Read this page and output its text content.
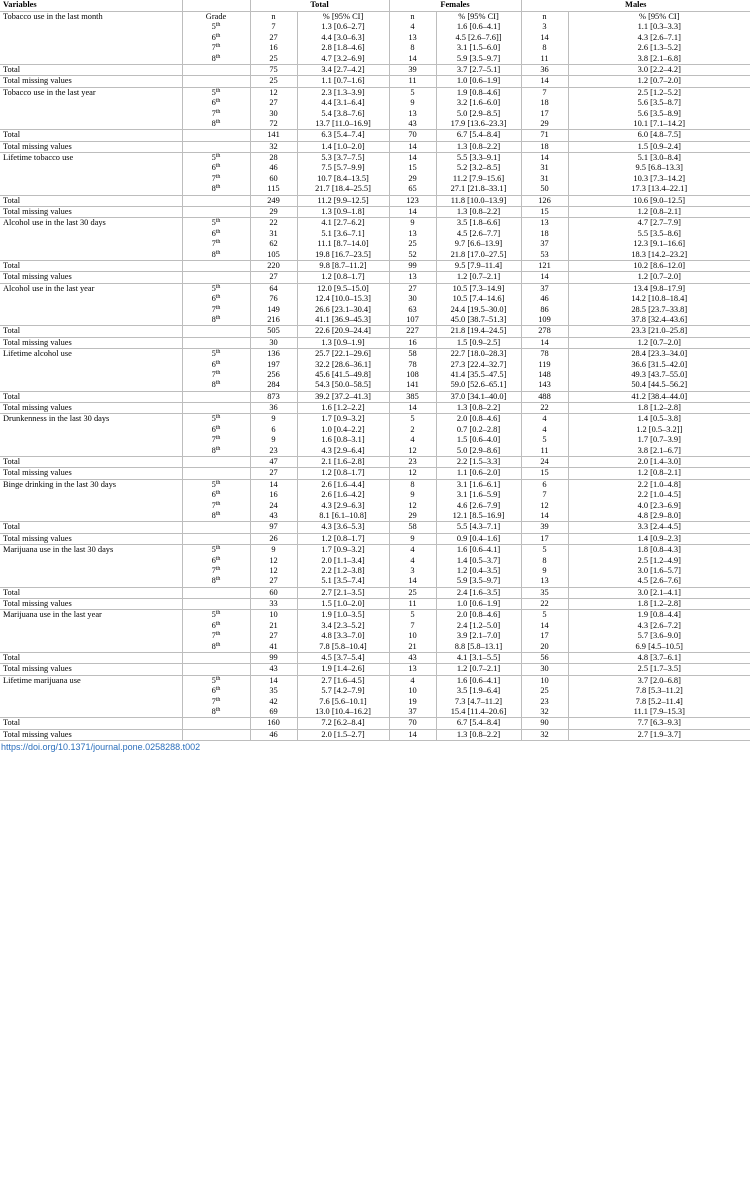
Variables		Total		Females		Males	
Tobacco use in the last month	Grade	n	% [95% CI]	n	% [95% CI]	n	% [95% CI]
	5th	7	1.3 [0.6–2.7]	4	1.6 [0.6–4.1]	3	1.1 [0.3–3.3]
	6th	27	4.4 [3.0–6.3]	13	4.5 [2.6–7.6]]	14	4.3 [2.6–7.1]
	7th	16	2.8 [1.8–4.6]	8	3.1 [1.5–6.0]	8	2.6 [1.3–5.2]
	8th	25	4.7 [3.2–6.9]	14	5.9 [3.5–9.7]	11	3.8 [2.1–6.8]
Total		75	3.4 [2.7–4.2]	39	3.7 [2.7–5.1]	36	3.0 [2.2–4.2]
Total missing values		25	1.1 [0.7–1.6]	11	1.0 [0.6–1.9]	14	1.2 [0.7–2.0]
Tobacco use in the last year	5th	12	2.3 [1.3–3.9]	5	1.9 [0.8–4.6]	7	2.5 [1.2–5.2]
	6th	27	4.4 [3.1–6.4]	9	3.2 [1.6–6.0]	18	5.6 [3.5–8.7]
	7th	30	5.4 [3.8–7.6]	13	5.0 [2.9–8.5]	17	5.6 [3.5–8.9]
	8th	72	13.7 [11.0–16.9]	43	17.9 [13.6–23.3]	29	10.1 [7.1–14.2]
Total		141	6.3 [5.4–7.4]	70	6.7 [5.4–8.4]	71	6.0 [4.8–7.5]
Total missing values		32	1.4 [1.0–2.0]	14	1.3 [0.8–2.2]	18	1.5 [0.9–2.4]
Lifetime tobacco use	5th	28	5.3 [3.7–7.5]	14	5.5 [3.3–9.1]	14	5.1 [3.0–8.4]
	6th	46	7.5 [5.7–9.9]	15	5.2 [3.2–8.5]	31	9.5 [6.8–13.3]
	7th	60	10.7 [8.4–13.5]	29	11.2 [7.9–15.6]	31	10.3 [7.3–14.2]
	8th	115	21.7 [18.4–25.5]	65	27.1 [21.8–33.1]	50	17.3 [13.4–22.1]
Total		249	11.2 [9.9–12.5]	123	11.8 [10.0–13.9]	126	10.6 [9.0–12.5]
Total missing values		29	1.3 [0.9–1.8]	14	1.3 [0.8–2.2]	15	1.2 [0.8–2.1]
Alcohol use in the last 30 days	5th	22	4.1 [2.7–6.2]	9	3.5 [1.8–6.6]	13	4.7 [2.7–7.9]
	6th	31	5.1 [3.6–7.1]	13	4.5 [2.6–7.7]	18	5.5 [3.5–8.6]
	7th	62	11.1 [8.7–14.0]	25	9.7 [6.6–13.9]	37	12.3 [9.1–16.6]
	8th	105	19.8 [16.7–23.5]	52	21.8 [17.0–27.5]	53	18.3 [14.2–23.2]
Total		220	9.8 [8.7–11.2]	99	9.5 [7.9–11.4]	121	10.2 [8.6–12.0]
Total missing values		27	1.2 [0.8–1.7]	13	1.2 [0.7–2.1]	14	1.2 [0.7–2.0]
Alcohol use in the last year	5th	64	12.0 [9.5–15.0]	27	10.5 [7.3–14.9]	37	13.4 [9.8–17.9]
	6th	76	12.4 [10.0–15.3]	30	10.5 [7.4–14.6]	46	14.2 [10.8–18.4]
	7th	149	26.6 [23.1–30.4]	63	24.4 [19.5–30.0]	86	28.5 [23.7–33.8]
	8th	216	41.1 [36.9–45.3]	107	45.0 [38.7–51.3]	109	37.8 [32.4–43.6]
Total		505	22.6 [20.9–24.4]	227	21.8 [19.4–24.5]	278	23.3 [21.0–25.8]
Total missing values		30	1.3 [0.9–1.9]	16	1.5 [0.9–2.5]	14	1.2 [0.7–2.0]
Lifetime alcohol use	5th	136	25.7 [22.1–29.6]	58	22.7 [18.0–28.3]	78	28.4 [23.3–34.0]
	6th	197	32.2 [28.6–36.1]	78	27.3 [22.4–32.7]	119	36.6 [31.5–42.0]
	7th	256	45.6 [41.5–49.8]	108	41.4 [35.5–47.5]	148	49.3 [43.7–55.0]
	8th	284	54.3 [50.0–58.5]	141	59.0 [52.6–65.1]	143	50.4 [44.5–56.2]
Total		873	39.2 [37.2–41.3]	385	37.0 [34.1–40.0]	488	41.2 [38.4–44.0]
Total missing values		36	1.6 [1.2–2.2]	14	1.3 [0.8–2.2]	22	1.8 [1.2–2.8]
Drunkenness in the last 30 days	5th	9	1.7 [0.9–3.2]	5	2.0 [0.8–4.6]	4	1.4 [0.5–3.8]
	6th	6	1.0 [0.4–2.2]	2	0.7 [0.2–2.8]	4	1.2 [0.5–3.2]]
	7th	9	1.6 [0.8–3.1]	4	1.5 [0.6–4.0]	5	1.7 [0.7–3.9]
	8th	23	4.3 [2.9–6.4]	12	5.0 [2.9–8.6]	11	3.8 [2.1–6.7]
Total		47	2.1 [1.6–2.8]	23	2.2 [1.5–3.3]	24	2.0 [1.4–3.0]
Total missing values		27	1.2 [0.8–1.7]	12	1.1 [0.6–2.0]	15	1.2 [0.8–2.1]
Binge drinking in the last 30 days	5th	14	2.6 [1.6–4.4]	8	3.1 [1.6–6.1]	6	2.2 [1.0–4.8]
	6th	16	2.6 [1.6–4.2]	9	3.1 [1.6–5.9]	7	2.2 [1.0–4.5]
	7th	24	4.3 [2.9–6.3]	12	4.6 [2.6–7.9]	12	4.0 [2.3–6.9]
	8th	43	8.1 [6.1–10.8]	29	12.1 [8.5–16.9]	14	4.8 [2.9–8.0]
Total		97	4.3 [3.6–5.3]	58	5.5 [4.3–7.1]	39	3.3 [2.4–4.5]
Total missing values		26	1.2 [0.8–1.7]	9	0.9 [0.4–1.6]	17	1.4 [0.9–2.3]
Marijuana use in the last 30 days	5th	9	1.7 [0.9–3.2]	4	1.6 [0.6–4.1]	5	1.8 [0.8–4.3]
	6th	12	2.0 [1.1–3.4]	4	1.4 [0.5–3.7]	8	2.5 [1.2–4.9]
	7th	12	2.2 [1.2–3.8]	3	1.2 [0.4–3.5]	9	3.0 [1.6–5.7]
	8th	27	5.1 [3.5–7.4]	14	5.9 [3.5–9.7]	13	4.5 [2.6–7.6]
Total		60	2.7 [2.1–3.5]	25	2.4 [1.6–3.5]	35	3.0 [2.1–4.1]
Total missing values		33	1.5 [1.0–2.0]	11	1.0 [0.6–1.9]	22	1.8 [1.2–2.8]
Marijuana use in the last year	5th	10	1.9 [1.0–3.5]	5	2.0 [0.8–4.6]	5	1.9 [0.8–4.4]
	6th	21	3.4 [2.3–5.2]	7	2.4 [1.2–5.0]	14	4.3 [2.6–7.2]
	7th	27	4.8 [3.3–7.0]	10	3.9 [2.1–7.0]	17	5.7 [3.6–9.0]
	8th	41	7.8 [5.8–10.4]	21	8.8 [5.8–13.1]	20	6.9 [4.5–10.5]
Total		99	4.5 [3.7–5.4]	43	4.1 [3.1–5.5]	56	4.8 [3.7–6.1]
Total missing values		43	1.9 [1.4–2.6]	13	1.2 [0.7–2.1]	30	2.5 [1.7–3.5]
Lifetime marijuana use	5th	14	2.7 [1.6–4.5]	4	1.6 [0.6–4.1]	10	3.7 [2.0–6.8]
	6th	35	5.7 [4.2–7.9]	10	3.5 [1.9–6.4]	25	7.8 [5.3–11.2]
	7th	42	7.6 [5.6–10.1]	19	7.3 [4.7–11.2]	23	7.8 [5.2–11.4]
	8th	69	13.0 [10.4–16.2]	37	15.4 [11.4–20.6]	32	11.1 [7.9–15.3]
Total		160	7.2 [6.2–8.4]	70	6.7 [5.4–8.4]	90	7.7 [6.3–9.3]
Total missing values		46	2.0 [1.5–2.7]	14	1.3 [0.8–2.2]	32	2.7 [1.9–3.7]
https://doi.org/10.1371/journal.pone.0258288.t002
